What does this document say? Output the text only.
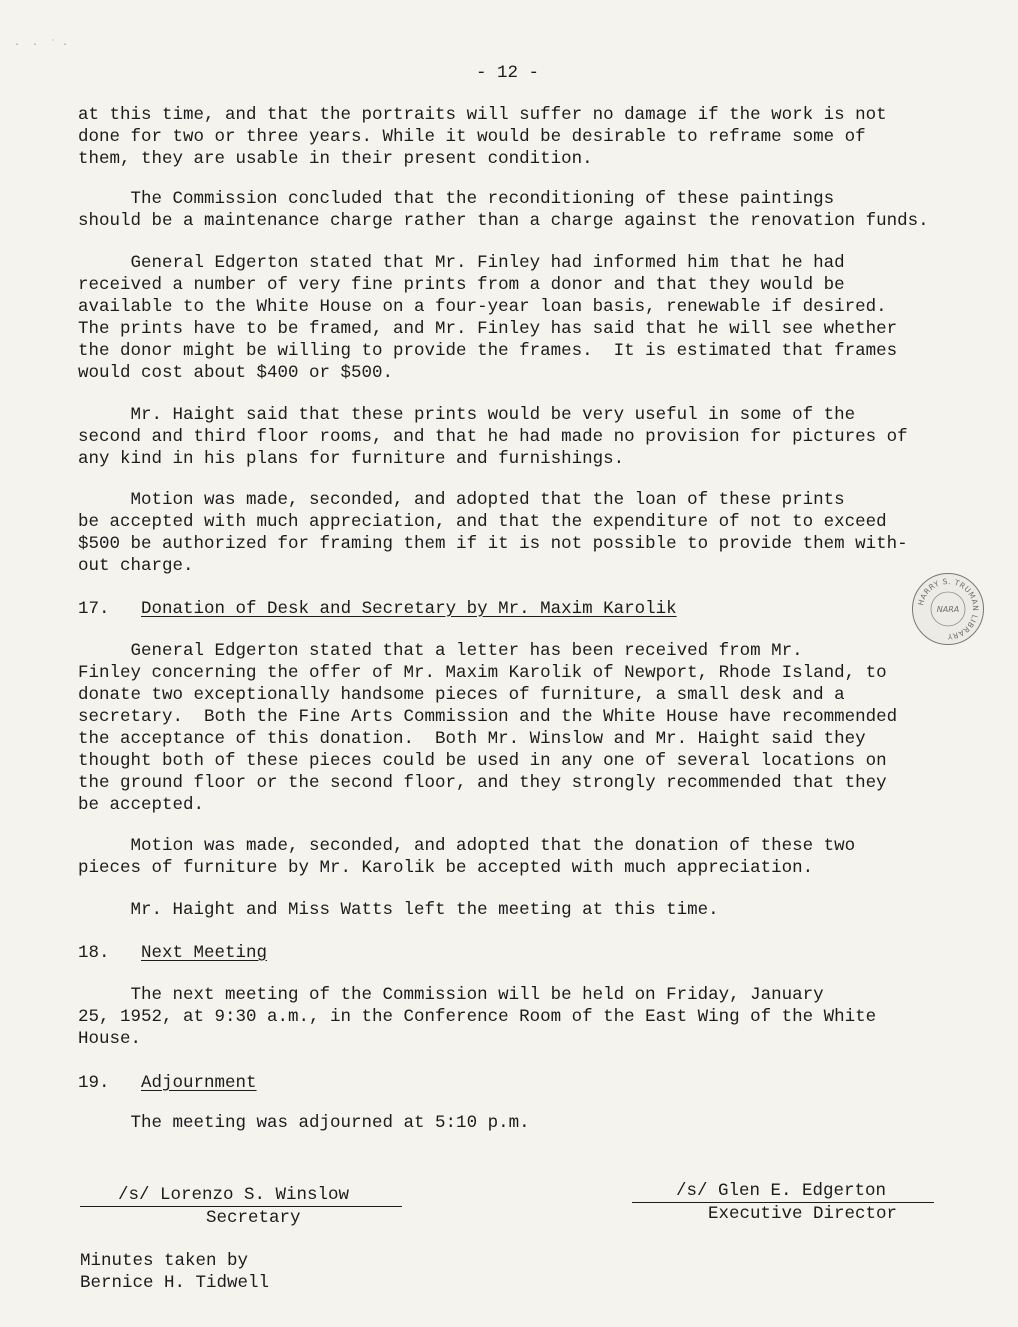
·  ·  ˙ ·
- 12 -
at this time, and that the portraits will suffer no damage if the work is not
done for two or three years. While it would be desirable to reframe some of
them, they are usable in their present condition.
The Commission concluded that the reconditioning of these paintings
should be a maintenance charge rather than a charge against the renovation funds.
General Edgerton stated that Mr. Finley had informed him that he had
received a number of very fine prints from a donor and that they would be
available to the White House on a four-year loan basis, renewable if desired.
The prints have to be framed, and Mr. Finley has said that he will see whether
the donor might be willing to provide the frames.  It is estimated that frames
would cost about $400 or $500.
Mr. Haight said that these prints would be very useful in some of the
second and third floor rooms, and that he had made no provision for pictures of
any kind in his plans for furniture and furnishings.
Motion was made, seconded, and adopted that the loan of these prints
be accepted with much appreciation, and that the expenditure of not to exceed
$500 be authorized for framing them if it is not possible to provide them with-
out charge.
HARRY S. TRUMAN LIBRARY
NARA
17. Donation of Desk and Secretary by Mr. Maxim Karolik
General Edgerton stated that a letter has been received from Mr.
Finley concerning the offer of Mr. Maxim Karolik of Newport, Rhode Island, to
donate two exceptionally handsome pieces of furniture, a small desk and a
secretary.  Both the Fine Arts Commission and the White House have recommended
the acceptance of this donation.  Both Mr. Winslow and Mr. Haight said they
thought both of these pieces could be used in any one of several locations on
the ground floor or the second floor, and they strongly recommended that they
be accepted.
Motion was made, seconded, and adopted that the donation of these two
pieces of furniture by Mr. Karolik be accepted with much appreciation.
Mr. Haight and Miss Watts left the meeting at this time.
18. Next Meeting
The next meeting of the Commission will be held on Friday, January
25, 1952, at 9:30 a.m., in the Conference Room of the East Wing of the White
House.
19. Adjournment
The meeting was adjourned at 5:10 p.m.
/s/ Lorenzo S. Winslow
Secretary
/s/ Glen E. Edgerton
Executive Director
Minutes taken by
Bernice H. Tidwell
